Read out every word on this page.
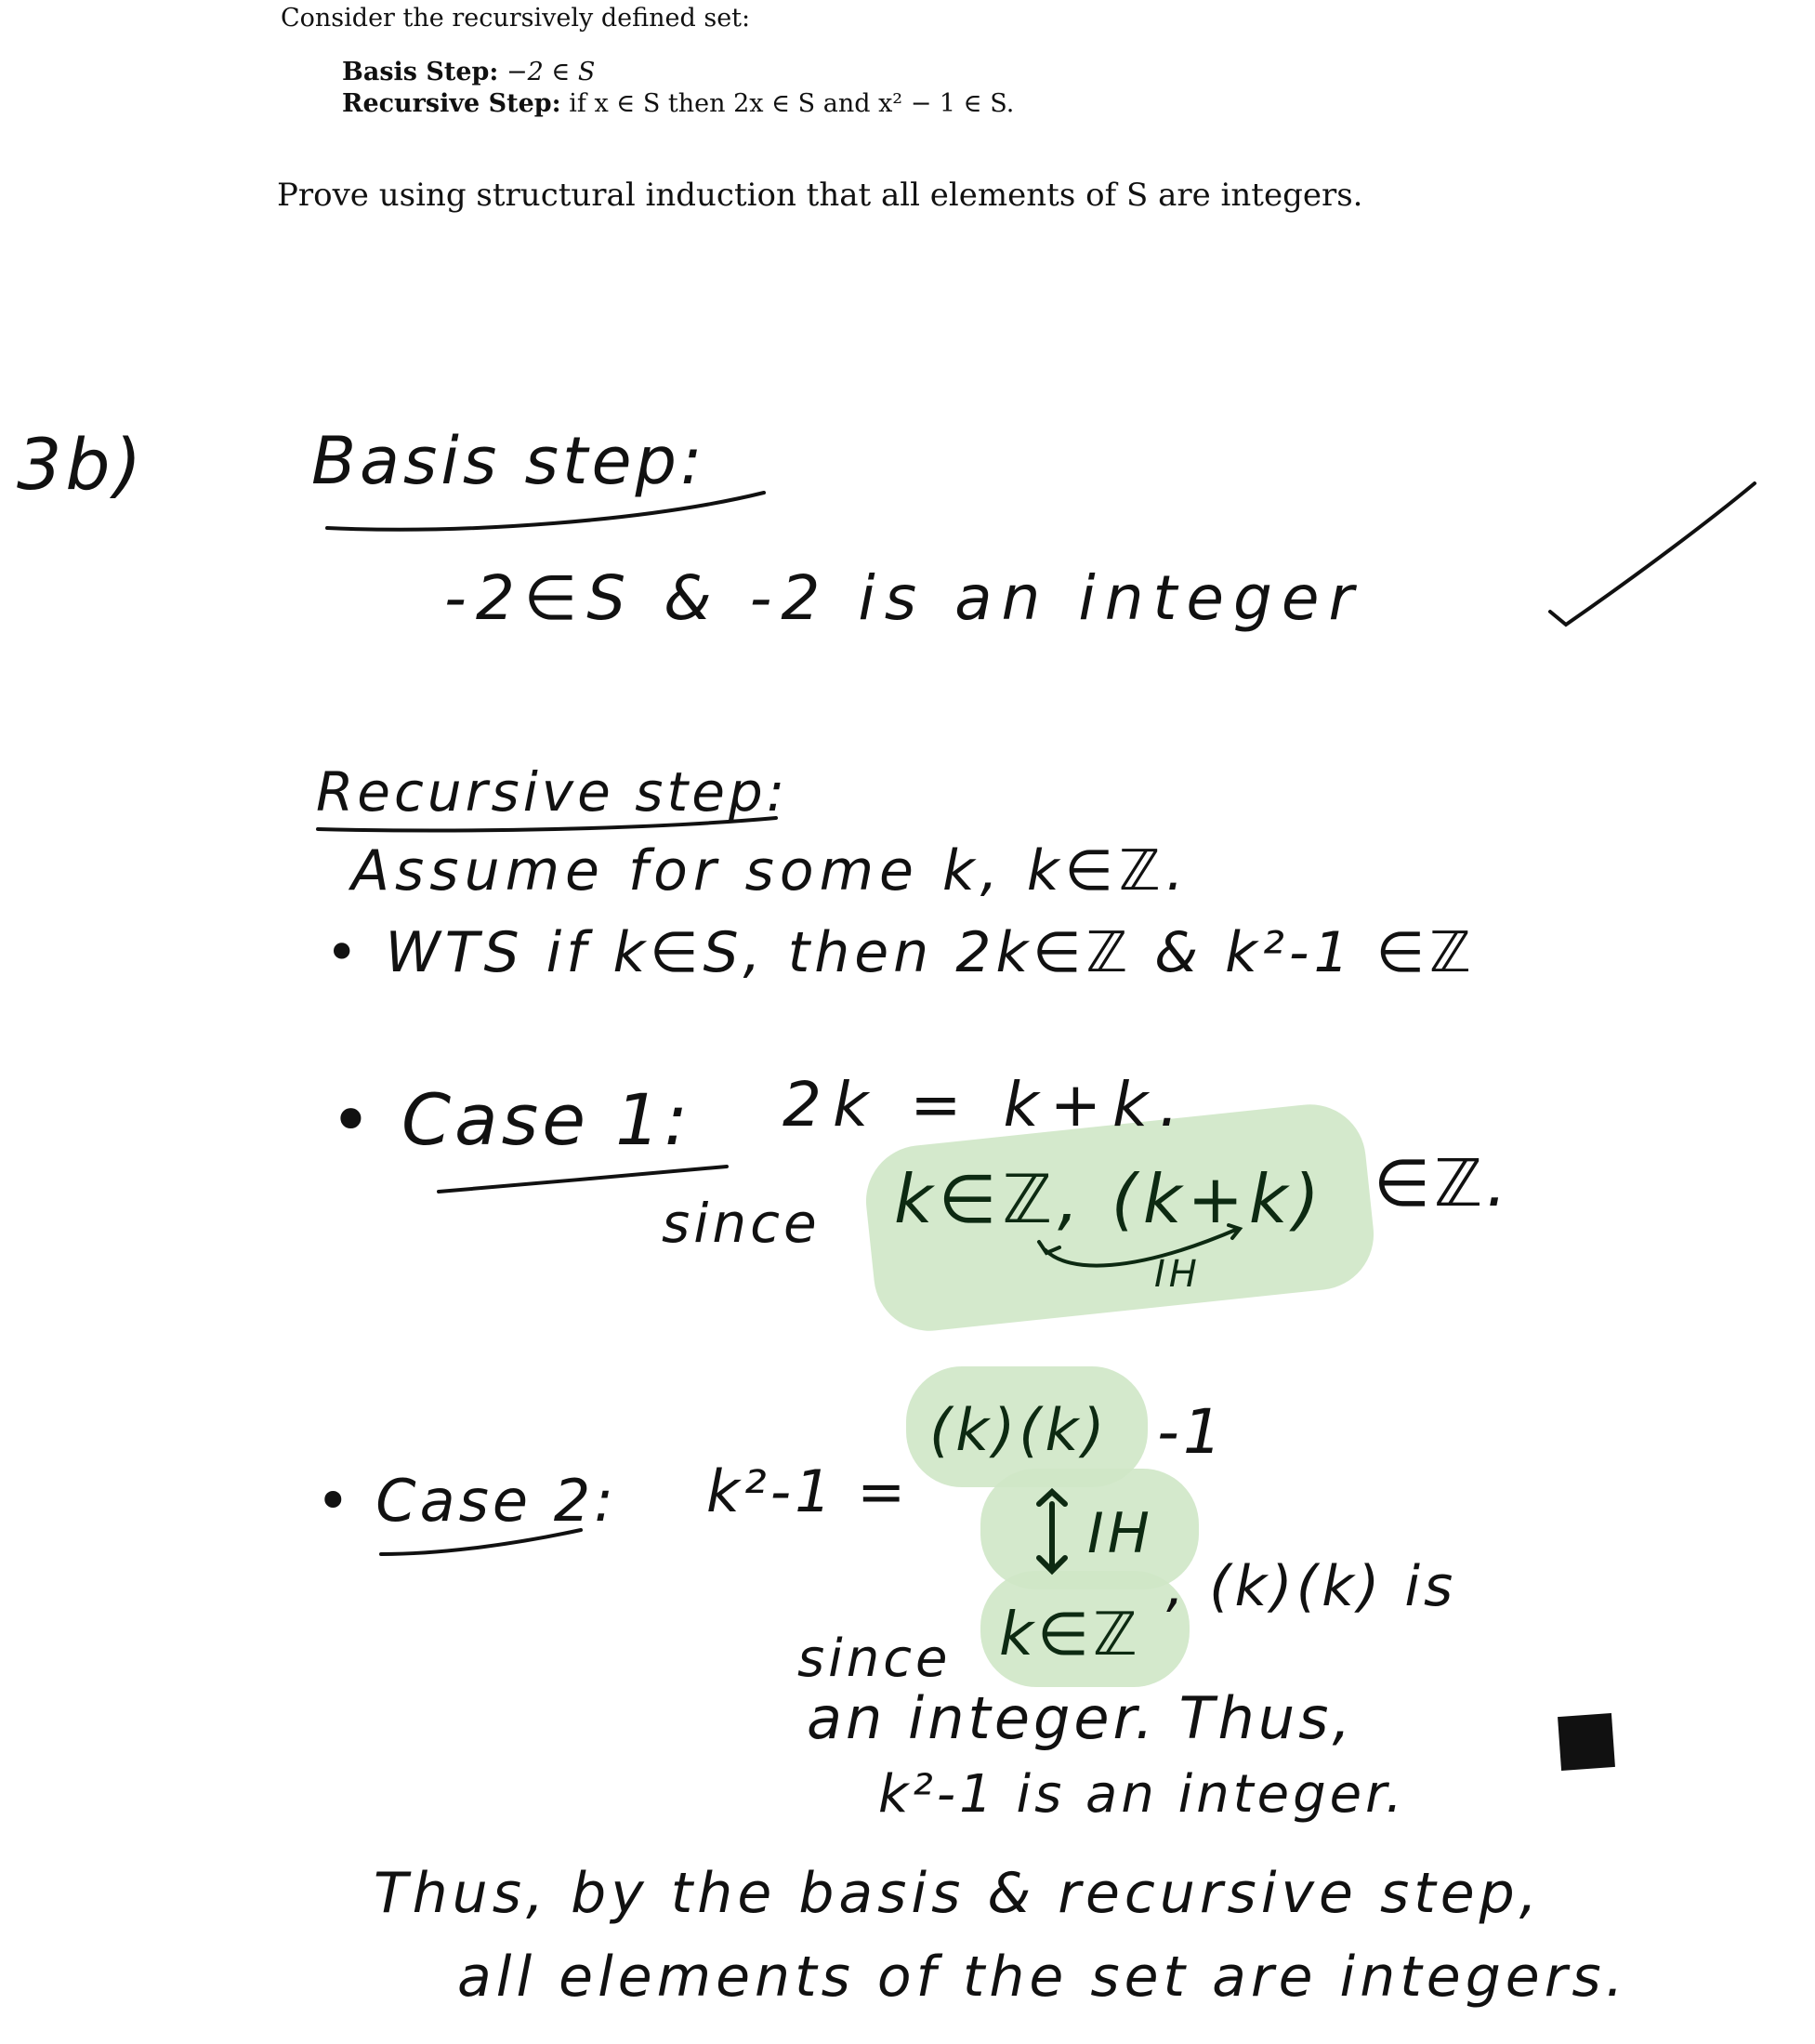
Consider the recursively defined set:
Basis Step: −2 ∈ S
Recursive Step: if x ∈ S then 2x ∈ S and x² − 1 ∈ S.
Prove using structural induction that all elements of S are integers.
3b)	Basis step:
-2∈S & -2 is an integer
Recursive step:
Assume for some k, k∈ℤ.
• WTS if k∈S, then 2k∈ℤ & k²-1 ∈ℤ
• Case 1: 2k = k+k.
since k∈ℤ, (k+k) ∈ℤ.
IH
• Case 2: k²-1 =
(k)(k) -1
IH
since k∈ℤ
, (k)(k) is
an integer. Thus,
k²-1 is an integer.
Thus, by the basis & recursive step,
all elements of the set are integers.
